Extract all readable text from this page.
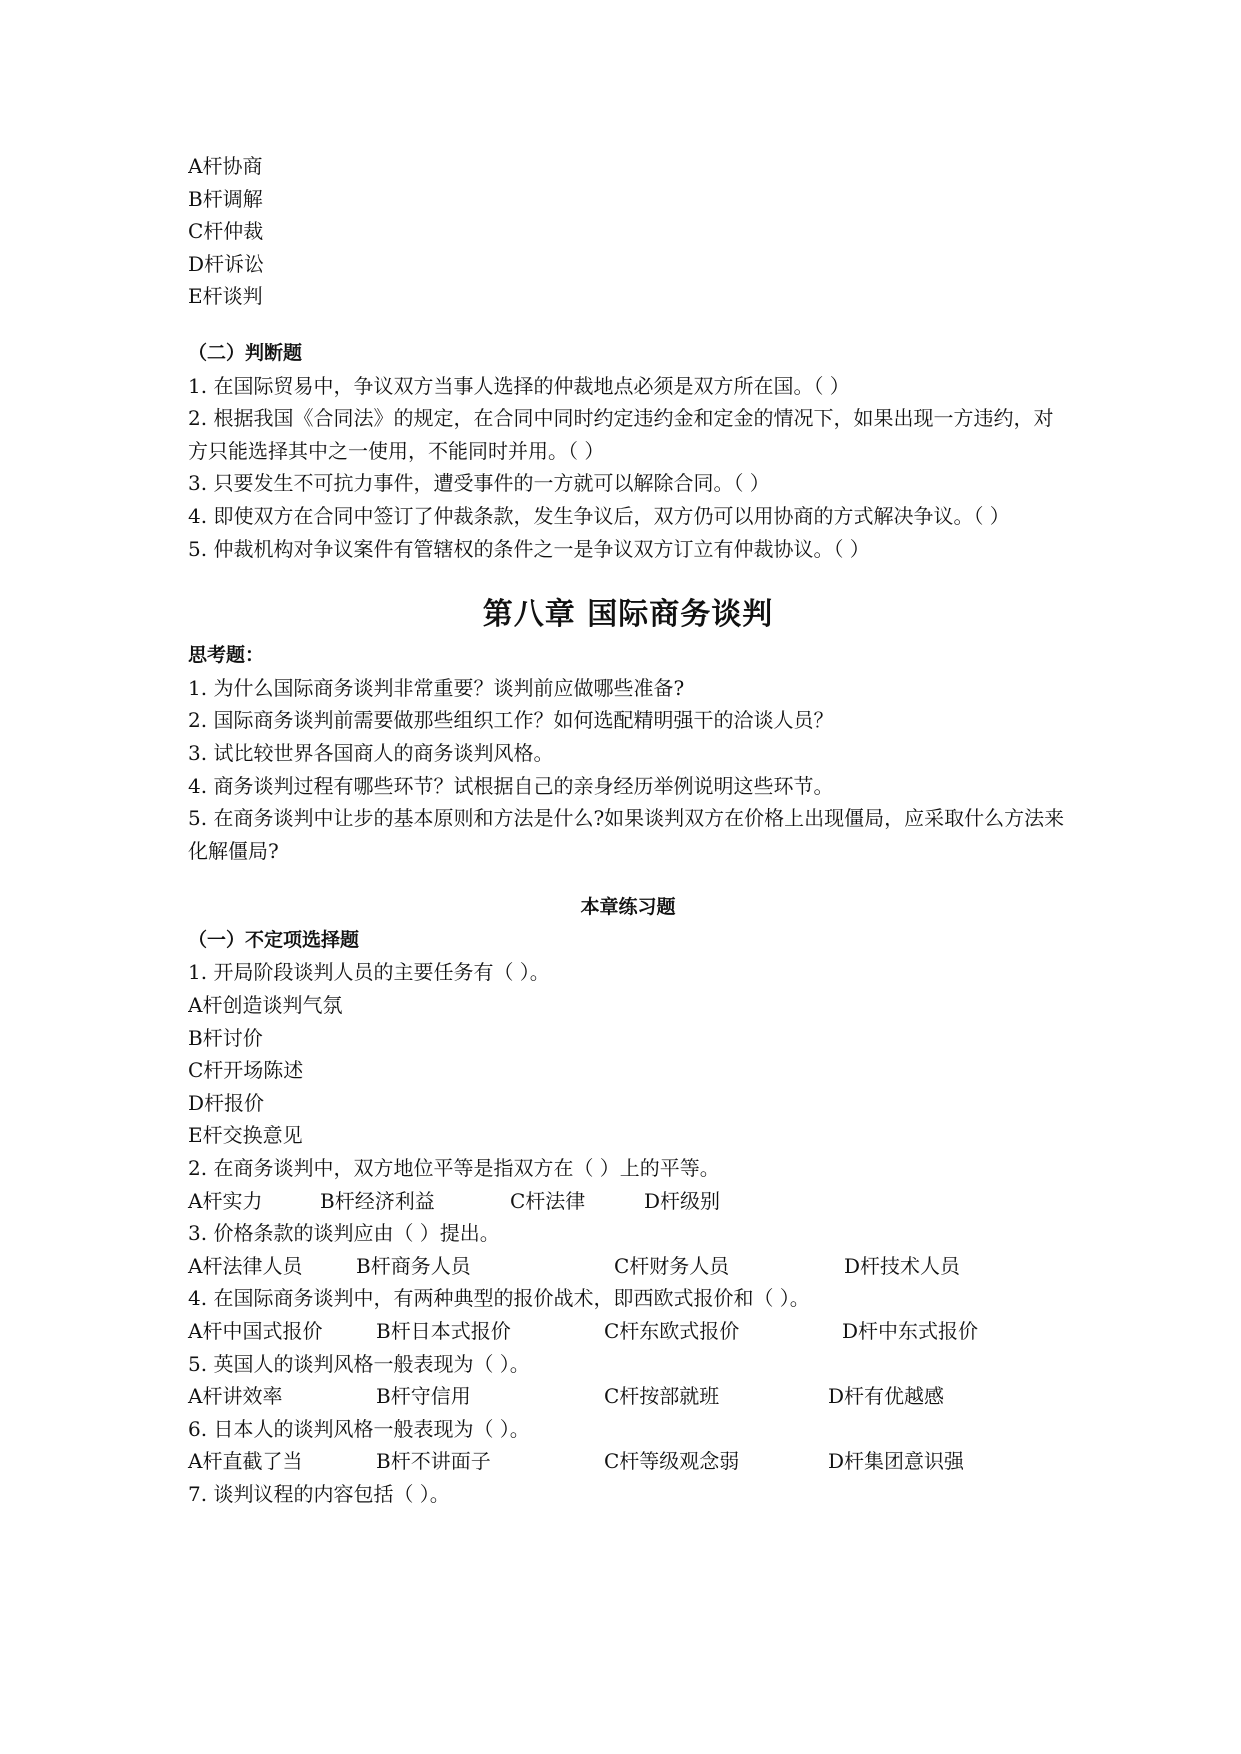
A杆协商
B杆调解
C杆仲裁
D杆诉讼
E杆谈判
（二）判断题
1. 在国际贸易中，争议双方当事人选择的仲裁地点必须是双方所在国。（ ）
2. 根据我国《合同法》的规定，在合同中同时约定违约金和定金的情况下，如果出现一方违约，对方只能选择其中之一使用，不能同时并用。（ ）
3. 只要发生不可抗力事件，遭受事件的一方就可以解除合同。（ ）
4. 即使双方在合同中签订了仲裁条款，发生争议后，双方仍可以用协商的方式解决争议。（ ）
5. 仲裁机构对争议案件有管辖权的条件之一是争议双方订立有仲裁协议。（ ）
第八章 国际商务谈判
思考题：
1. 为什么国际商务谈判非常重要？谈判前应做哪些准备?
2. 国际商务谈判前需要做那些组织工作？如何选配精明强干的洽谈人员？
3. 试比较世界各国商人的商务谈判风格。
4. 商务谈判过程有哪些环节？试根据自己的亲身经历举例说明这些环节。
5. 在商务谈判中让步的基本原则和方法是什么?如果谈判双方在价格上出现僵局，应采取什么方法来化解僵局?
本章练习题
（一）不定项选择题
1. 开局阶段谈判人员的主要任务有（ ）。
A杆创造谈判气氛
B杆讨价
C杆开场陈述
D杆报价
E杆交换意见
2. 在商务谈判中，双方地位平等是指双方在（ ）上的平等。
A杆实力	B杆经济利益	C杆法律	D杆级别
3. 价格条款的谈判应由（ ）提出。
A杆法律人员	B杆商务人员	C杆财务人员	D杆技术人员
4. 在国际商务谈判中，有两种典型的报价战术，即西欧式报价和（ ）。
A杆中国式报价	B杆日本式报价	C杆东欧式报价	D杆中东式报价
5. 英国人的谈判风格一般表现为（ ）。
A杆讲效率	B杆守信用	C杆按部就班	D杆有优越感
6. 日本人的谈判风格一般表现为（ ）。
A杆直截了当	B杆不讲面子	C杆等级观念弱	D杆集团意识强
7. 谈判议程的内容包括（ ）。
